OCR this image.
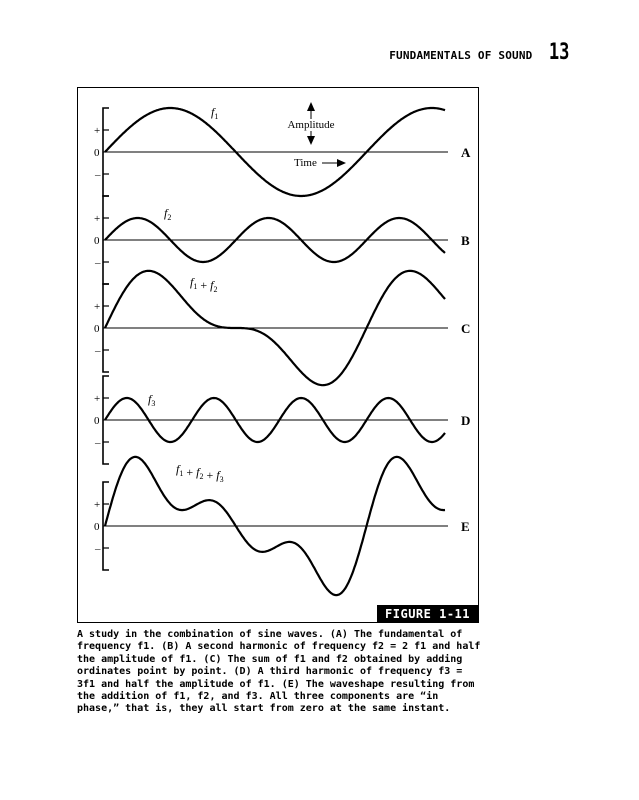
FUNDAMENTALS OF SOUND 13
+
0
–
$f_1$
A
Amplitude
Time
+
0
–
$f_2$
B
+
0
–
$f_1 + f_2$
C
+
0
–
$f_3$
D
+
0
–
$f_1 + f_2 + f_3$
E
FIGURE 1-11

A study in the combination of sine waves. (A) The fundamental of frequency f1. (B) A second harmonic of frequency f2 = 2 f1 and half the amplitude of f1. (C) The sum of f1 and f2 obtained by adding ordinates point by point. (D) A third harmonic of frequency f3 = 3f1 and half the amplitude of f1. (E) The waveshape resulting from the addition of f1, f2, and f3. All three components are “in phase,” that is, they all start from zero at the same instant.
